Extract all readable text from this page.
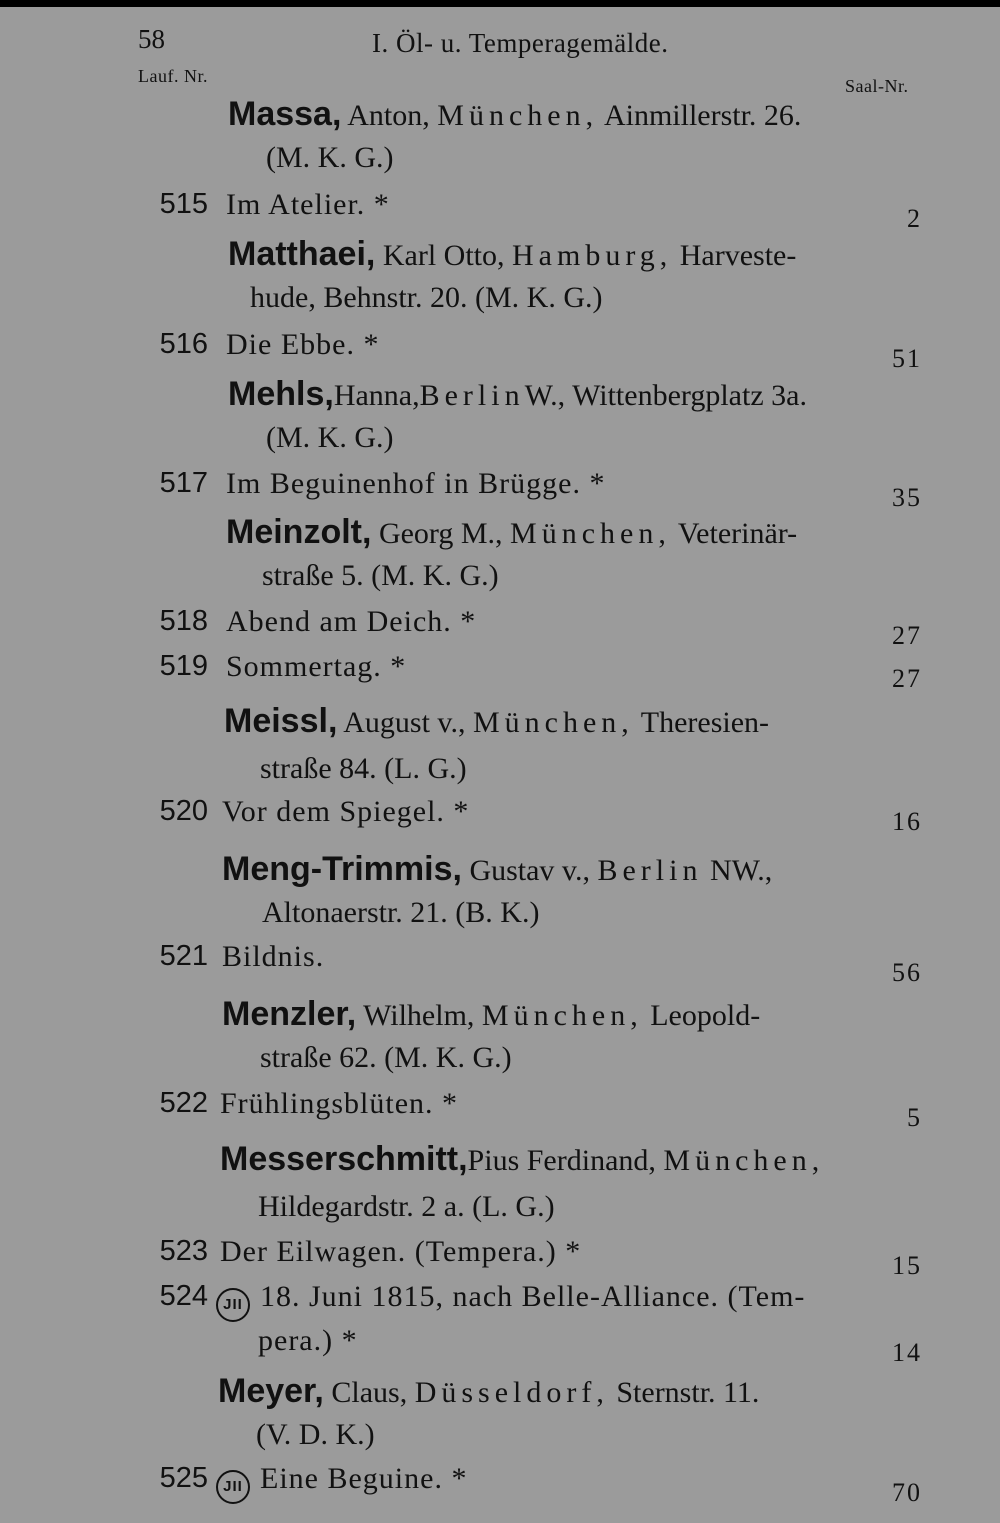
58	I. Öl- u. Temperagemälde.
Lauf. Nr.	Saal-Nr.
Massa, Anton, München, Ainmillerstr. 26.
(M. K. G.)
515 Im Atelier. *	2
Matthaei, Karl Otto, Hamburg, Harveste-
hude, Behnstr. 20. (M. K. G.)
516 Die Ebbe. *	51
Mehls,Hanna,BerlinW., Wittenbergplatz 3a.
(M. K. G.)
517 Im Beguinenhof in Brügge. *	35
Meinzolt, Georg M., München, Veterinär-
straße 5. (M. K. G.)
518 Abend am Deich. *	27
519 Sommertag. *	27
Meissl, August v., München, Theresien-
straße 84. (L. G.)
520 Vor dem Spiegel. *	16
Meng-Trimmis, Gustav v., Berlin NW.,
Altonaerstr. 21. (B. K.)
521 Bildnis.	56
Menzler, Wilhelm, München, Leopold-
straße 62. (M. K. G.)
522 Frühlingsblüten. *	5
Messerschmitt,Pius Ferdinand, München,
Hildegardstr. 2 a. (L. G.)
523 Der Eilwagen. (Tempera.) *	15
524	JII 18. Juni 1815, nach Belle-Alliance. (Tem-
pera.) *	14
Meyer, Claus, Düsseldorf, Sternstr. 11.
(V. D. K.)
525	JII Eine Beguine. *	70
